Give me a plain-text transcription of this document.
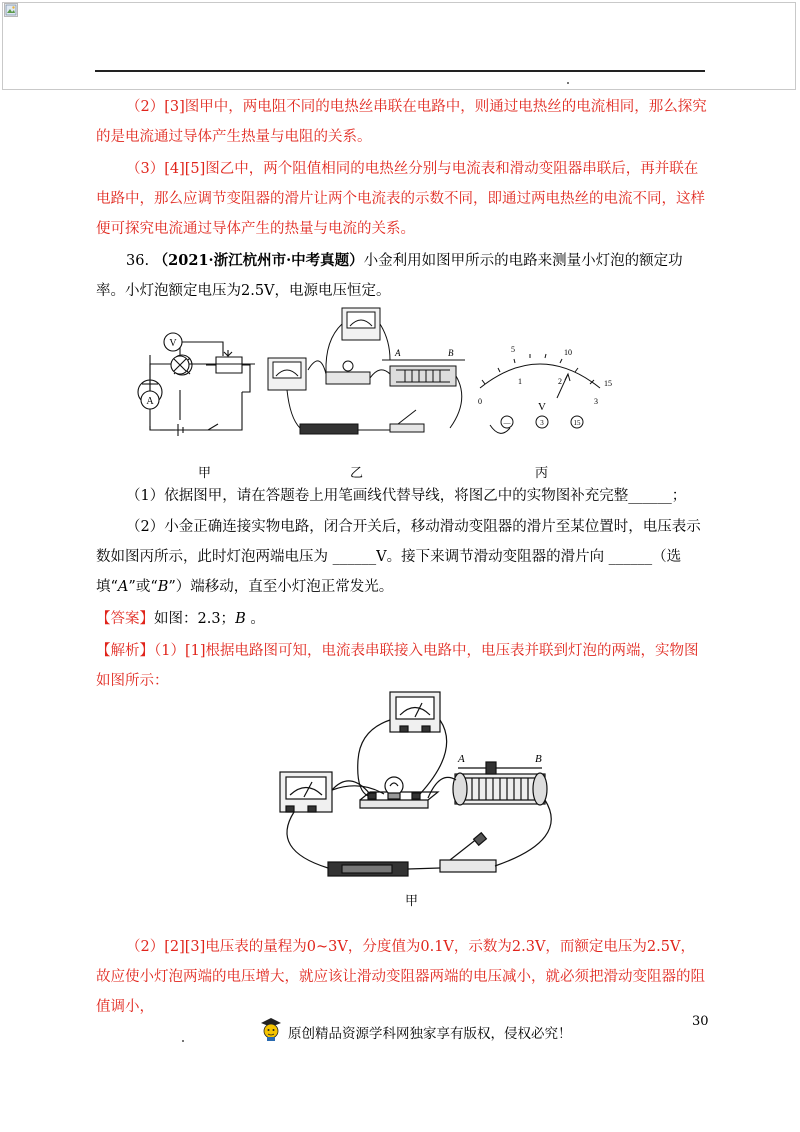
（2）[3]图甲中，两电阻不同的电热丝串联在电路中，则通过电热丝的电流相同，那么探究的是电流通过导体产生热量与电阻的关系。

（3）[4][5]图乙中，两个阻值相同的电热丝分别与电流表和滑动变阻器串联后，再并联在电路中，那么应调节变阻器的滑片让两个电流表的示数不同，即通过两电热丝的电流不同，这样便可探究电流通过导体产生的热量与电流的关系。

36. （2021·浙江杭州市·中考真题）小金利用如图甲所示的电路来测量小灯泡的额定功率。小灯泡额定电压为2.5V，电源电压恒定。

A
V
A	B
0
5	10
15
1	2
3
V
—	3	15
甲	乙	丙

（1）依据图甲，请在答题卷上用笔画线代替导线，将图乙中的实物图补充完整______；

（2）小金正确连接实物电路，闭合开关后，移动滑动变阻器的滑片至某位置时，电压表示数如图丙所示，此时灯泡两端电压为 ______V。接下来调节滑动变阻器的滑片向 ______（选填“A”或“B”）端移动，直至小灯泡正常发光。

【答案】如图：2.3；B 。

【解析】（1）[1]根据电路图可知，电流表串联接入电路中，电压表并联到灯泡的两端，实物图如图所示：

A	B
甲

（2）[2][3]电压表的量程为0~3V，分度值为0.1V，示数为2.3V，而额定电压为2.5V，故应使小灯泡两端的电压增大，就应该让滑动变阻器两端的电压减小，就必须把滑动变阻器的阻值调小，

30
原创精品资源学科网独家享有版权，侵权必究！
